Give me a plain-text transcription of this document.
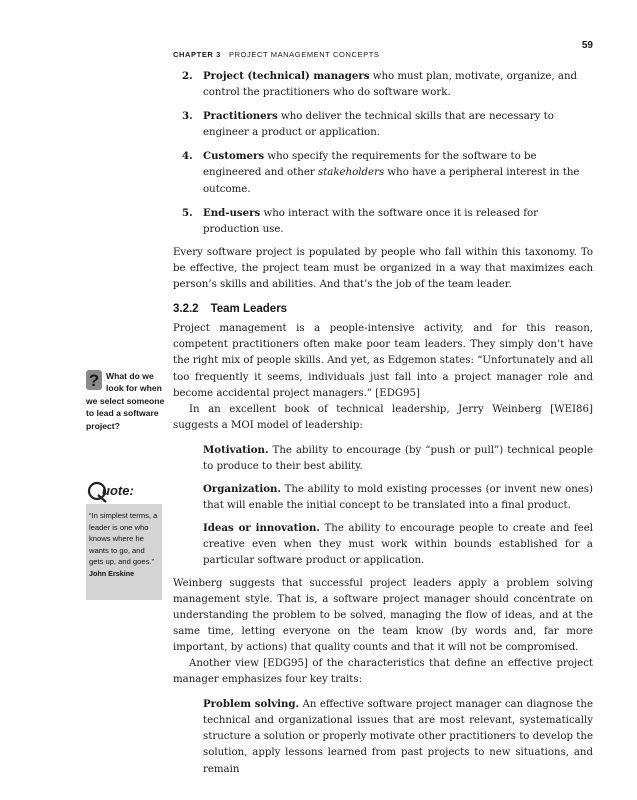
CHAPTER 3 PROJECT MANAGEMENT CONCEPTS
59
2. Project (technical) managers who must plan, motivate, organize, and control the practitioners who do software work.
3. Practitioners who deliver the technical skills that are necessary to engineer a product or application.
4. Customers who specify the requirements for the software to be engineered and other stakeholders who have a peripheral interest in the outcome.
5. End-users who interact with the software once it is released for production use.

Every software project is populated by people who fall within this taxonomy. To be effective, the project team must be organized in a way that maximizes each person’s skills and abilities. And that’s the job of the team leader.

3.2.2 Team Leaders

Project management is a people-intensive activity, and for this reason, competent practitioners often make poor team leaders. They simply don’t have the right mix of people skills. And yet, as Edgemon states: “Unfortunately and all too frequently it seems, individuals just fall into a project manager role and become accidental project managers.” [EDG95]

In an excellent book of technical leadership, Jerry Weinberg [WEI86] suggests a MOI model of leadership:

Motivation. The ability to encourage (by “push or pull”) technical people to produce to their best ability.
Organization. The ability to mold existing processes (or invent new ones) that will enable the initial concept to be translated into a final product.
Ideas or innovation. The ability to encourage people to create and feel creative even when they must work within bounds established for a particular software product or application.

Weinberg suggests that successful project leaders apply a problem solving management style. That is, a software project manager should concentrate on understanding the problem to be solved, managing the flow of ideas, and at the same time, letting everyone on the team know (by words and, far more important, by actions) that quality counts and that it will not be compromised.

Another view [EDG95] of the characteristics that define an effective project manager emphasizes four key traits:

Problem solving. An effective software project manager can diagnose the technical and organizational issues that are most relevant, systematically structure a solution or properly motivate other practitioners to develop the solution, apply lessons learned from past projects to new situations, and remain
? What do we look for when we select someone to lead a software project?
uote:
“In simplest terms, a leader is one who knows where he wants to go, and gets up, and goes.”
John Erskine
